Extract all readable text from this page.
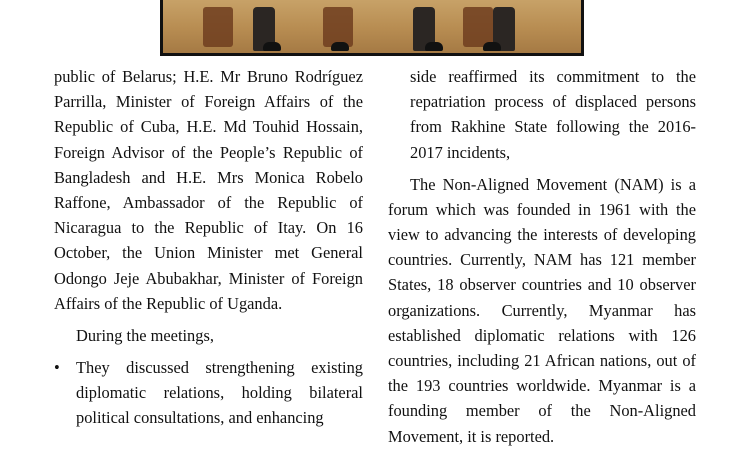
public of Belarus; H.E. Mr Bruno Rodríguez Parrilla, Minister of Foreign Affairs of the Republic of Cuba, H.E. Md Touhid Hossain, Foreign Advisor of the People’s Republic of Bangladesh and H.E. Mrs Monica Robelo Raffone, Ambassador of the Republic of Nicaragua to the Republic of Itay. On 16 October, the Union Minister met General Odongo Jeje Abubakhar, Minister of Foreign Affairs of the Republic of Uganda.

During the meetings,

• They discussed strengthening existing diplomatic relations, holding bilateral political consultations, and enhancing

side reaffirmed its commitment to the repatriation process of displaced persons from Rakhine State following the 2016-2017 incidents,

The Non-Aligned Movement (NAM) is a forum which was founded in 1961 with the view to advancing the interests of developing countries. Currently, NAM has 121 member States, 18 observer countries and 10 observer organizations. Currently, Myanmar has established diplomatic relations with 126 countries, including 21 African nations, out of the 193 countries worldwide. Myanmar is a founding member of the Non-Aligned Movement, it is reported.
